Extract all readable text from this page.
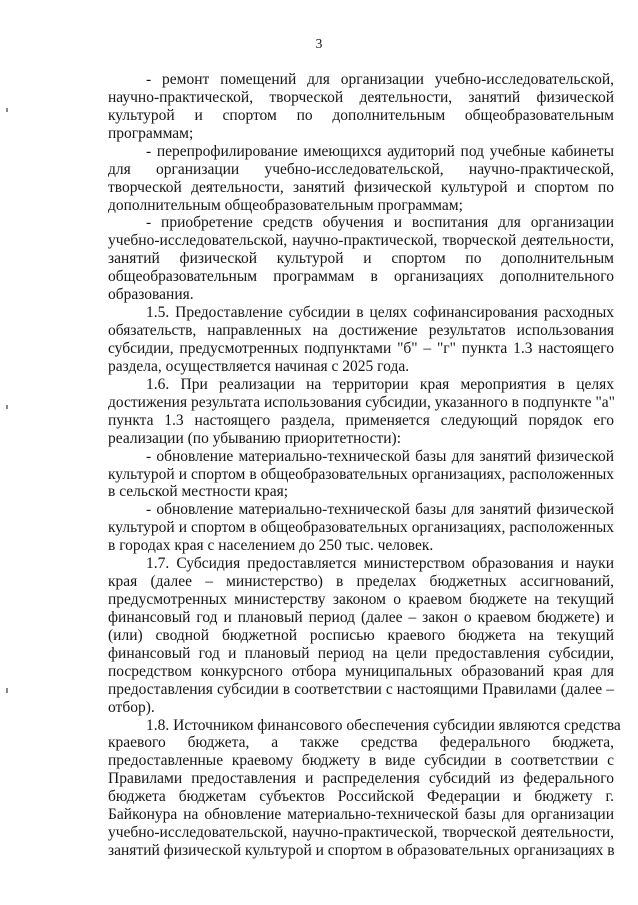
3
- ремонт помещений для организации учебно-исследовательской,
научно-практической, творческой деятельности, занятий физической
культурой и спортом по дополнительным общеобразовательным
программам;
- перепрофилирование имеющихся аудиторий под учебные кабинеты
для организации учебно-исследовательской, научно-практической,
творческой деятельности, занятий физической культурой и спортом по
дополнительным общеобразовательным программам;
- приобретение средств обучения и воспитания для организации
учебно-исследовательской, научно-практической, творческой деятельности,
занятий физической культурой и спортом по дополнительным
общеобразовательным программам в организациях дополнительного
образования.
1.5. Предоставление субсидии в целях софинансирования расходных
обязательств, направленных на достижение результатов использования
субсидии, предусмотренных подпунктами "б" – "г" пункта 1.3 настоящего
раздела, осуществляется начиная с 2025 года.
1.6. При реализации на территории края мероприятия в целях
достижения результата использования субсидии, указанного в подпункте "а"
пункта 1.3 настоящего раздела, применяется следующий порядок его
реализации (по убыванию приоритетности):
- обновление материально-технической базы для занятий физической
культурой и спортом в общеобразовательных организациях, расположенных
в сельской местности края;
- обновление материально-технической базы для занятий физической
культурой и спортом в общеобразовательных организациях, расположенных
в городах края с населением до 250 тыс. человек.
1.7. Субсидия предоставляется министерством образования и науки
края (далее – министерство) в пределах бюджетных ассигнований,
предусмотренных министерству законом о краевом бюджете на текущий
финансовый год и плановый период (далее – закон о краевом бюджете) и
(или) сводной бюджетной росписью краевого бюджета на текущий
финансовый год и плановый период на цели предоставления субсидии,
посредством конкурсного отбора муниципальных образований края для
предоставления субсидии в соответствии с настоящими Правилами (далее –
отбор).
1.8. Источником финансового обеспечения субсидии являются средства
краевого бюджета, а также средства федерального бюджета,
предоставленные краевому бюджету в виде субсидии в соответствии с
Правилами предоставления и распределения субсидий из федерального
бюджета бюджетам субъектов Российской Федерации и бюджету г.
Байконура на обновление материально-технической базы для организации
учебно-исследовательской, научно-практической, творческой деятельности,
занятий физической культурой и спортом в образовательных организациях в
